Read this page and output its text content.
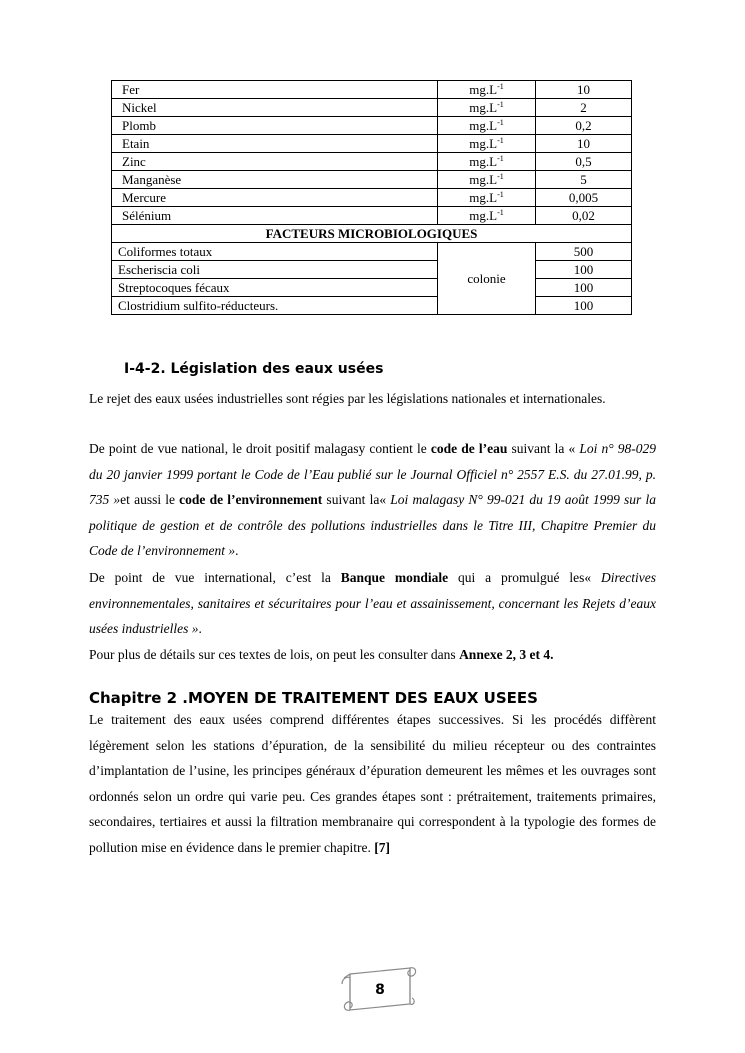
Fer	$mg.L^{-1}$	10
Nickel	$mg.L^{-1}$	2
Plomb	$mg.L^{-1}$	0,2
Etain	$mg.L^{-1}$	10
Zinc	$mg.L^{-1}$	0,5
Manganèse	$mg.L^{-1}$	5
Mercure	$mg.L^{-1}$	0,005
Sélénium	$mg.L^{-1}$	0,02
FACTEURS MICROBIOLOGIQUES		
Coliformes totaux	colonie	500
Escheriscia coli		100
Streptocoques fécaux		100
Clostridium sulfito-réducteurs.		100
I-4-2. Législation des eaux usées
Le rejet des eaux usées industrielles sont régies par les législations nationales et internationales.
De point de vue national, le droit positif malagasy contient le code de l’eau suivant la « Loi n° 98-029 du 20 janvier 1999 portant le Code de l’Eau publié sur le Journal Officiel n° 2557 E.S. du 27.01.99, p. 735 »et aussi le code de l’environnement suivant la« Loi malagasy N° 99-021 du 19 août 1999 sur la politique de gestion et de contrôle des pollutions industrielles dans le Titre III, Chapitre Premier du Code de l’environnement ».
De point de vue international, c’est la Banque mondiale qui a promulgué les« Directives environnementales, sanitaires et sécuritaires pour l’eau et assainissement, concernant les Rejets d’eaux usées industrielles ».
Pour plus de détails sur ces textes de lois, on peut les consulter dans Annexe 2, 3 et 4.
Chapitre 2 .MOYEN DE TRAITEMENT DES EAUX USEES
Le traitement des eaux usées comprend différentes étapes successives. Si les procédés diffèrent légèrement selon les stations d’épuration, de la sensibilité du milieu récepteur ou des contraintes d’implantation de l’usine, les principes généraux d’épuration demeurent les mêmes et les ouvrages sont ordonnés selon un ordre qui varie peu. Ces grandes étapes sont : prétraitement, traitements primaires, secondaires, tertiaires et aussi la filtration membranaire qui correspondent à la typologie des formes de pollution mise en évidence dans le premier chapitre. [7]
8
